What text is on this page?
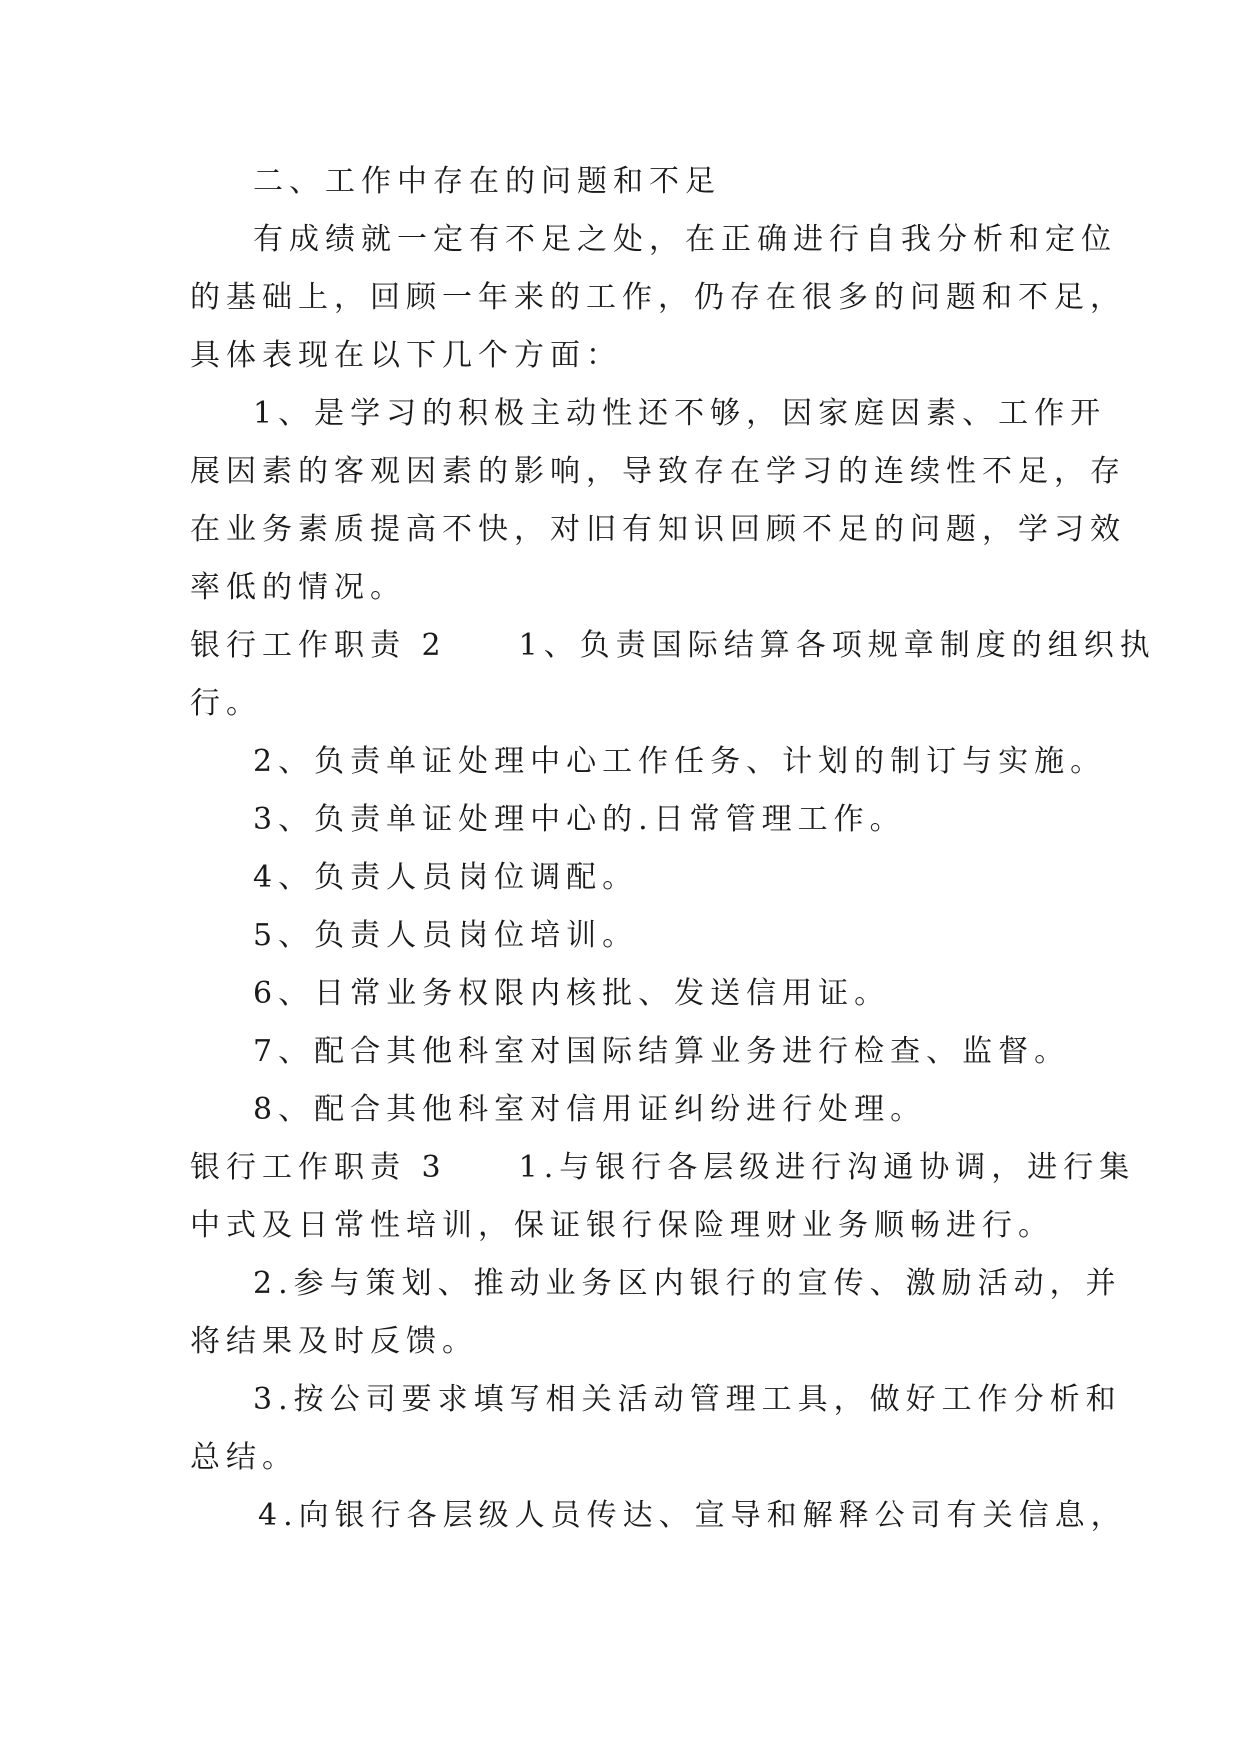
二、工作中存在的问题和不足
有成绩就一定有不足之处，在正确进行自我分析和定位
的基础上，回顾一年来的工作，仍存在很多的问题和不足，
具体表现在以下几个方面：
1、是学习的积极主动性还不够，因家庭因素、工作开
展因素的客观因素的影响，导致存在学习的连续性不足，存
在业务素质提高不快，对旧有知识回顾不足的问题，学习效
率低的情况。
银行工作职责 2　　1、负责国际结算各项规章制度的组织执
行。
2、负责单证处理中心工作任务、计划的制订与实施。
3、负责单证处理中心的.日常管理工作。
4、负责人员岗位调配。
5、负责人员岗位培训。
6、日常业务权限内核批、发送信用证。
7、配合其他科室对国际结算业务进行检查、监督。
8、配合其他科室对信用证纠纷进行处理。
银行工作职责 3　　1.与银行各层级进行沟通协调，进行集
中式及日常性培训，保证银行保险理财业务顺畅进行。
2.参与策划、推动业务区内银行的宣传、激励活动，并
将结果及时反馈。
3.按公司要求填写相关活动管理工具，做好工作分析和
总结。
4.向银行各层级人员传达、宣导和解释公司有关信息，
